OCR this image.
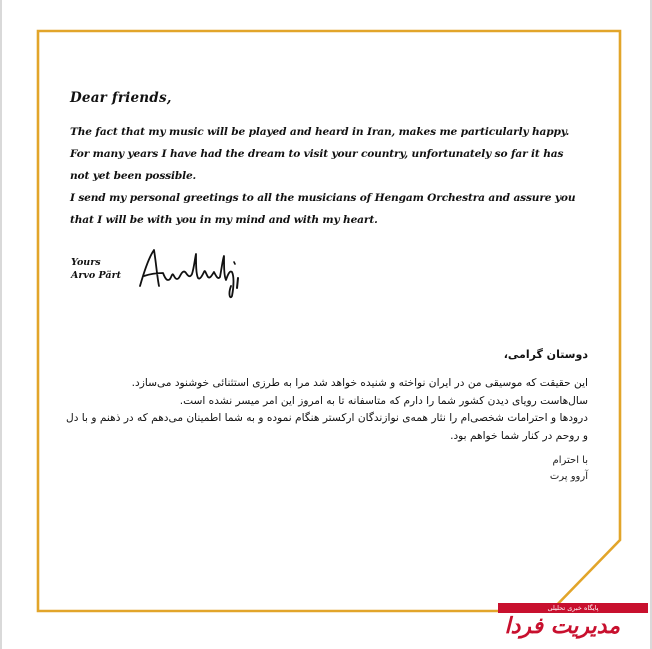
Dear friends,

The fact that my music will be played and heard in Iran, makes me particularly happy.

For many years I have had the dream to visit your country, unfortunately so far it has

not yet been possible.

I send my personal greetings to all the musicians of Hengam Orchestra and assure you

that I will be with you in my mind and with my heart.

Yours
Arvo Pärt
دوستان گرامی،

این حقیقت که موسیقی من در ایران نواخته و شنیده خواهد شد مرا به طرزی استثنائی خوشنود می‌سازد.

سال‌هاست رویای دیدن کشور شما را دارم که متاسفانه تا به امروز این امر میسر نشده است.

درودها و احترامات شخصی‌ام را نثار همه‌ی نوازندگان ارکستر هنگام نموده و به شما اطمینان می‌دهم که در ذهنم و با دل و روحم در کنار شما خواهم بود.

با احترام
آروو پرت
پایگاه خبری تحلیلی
مدیریت فردا
